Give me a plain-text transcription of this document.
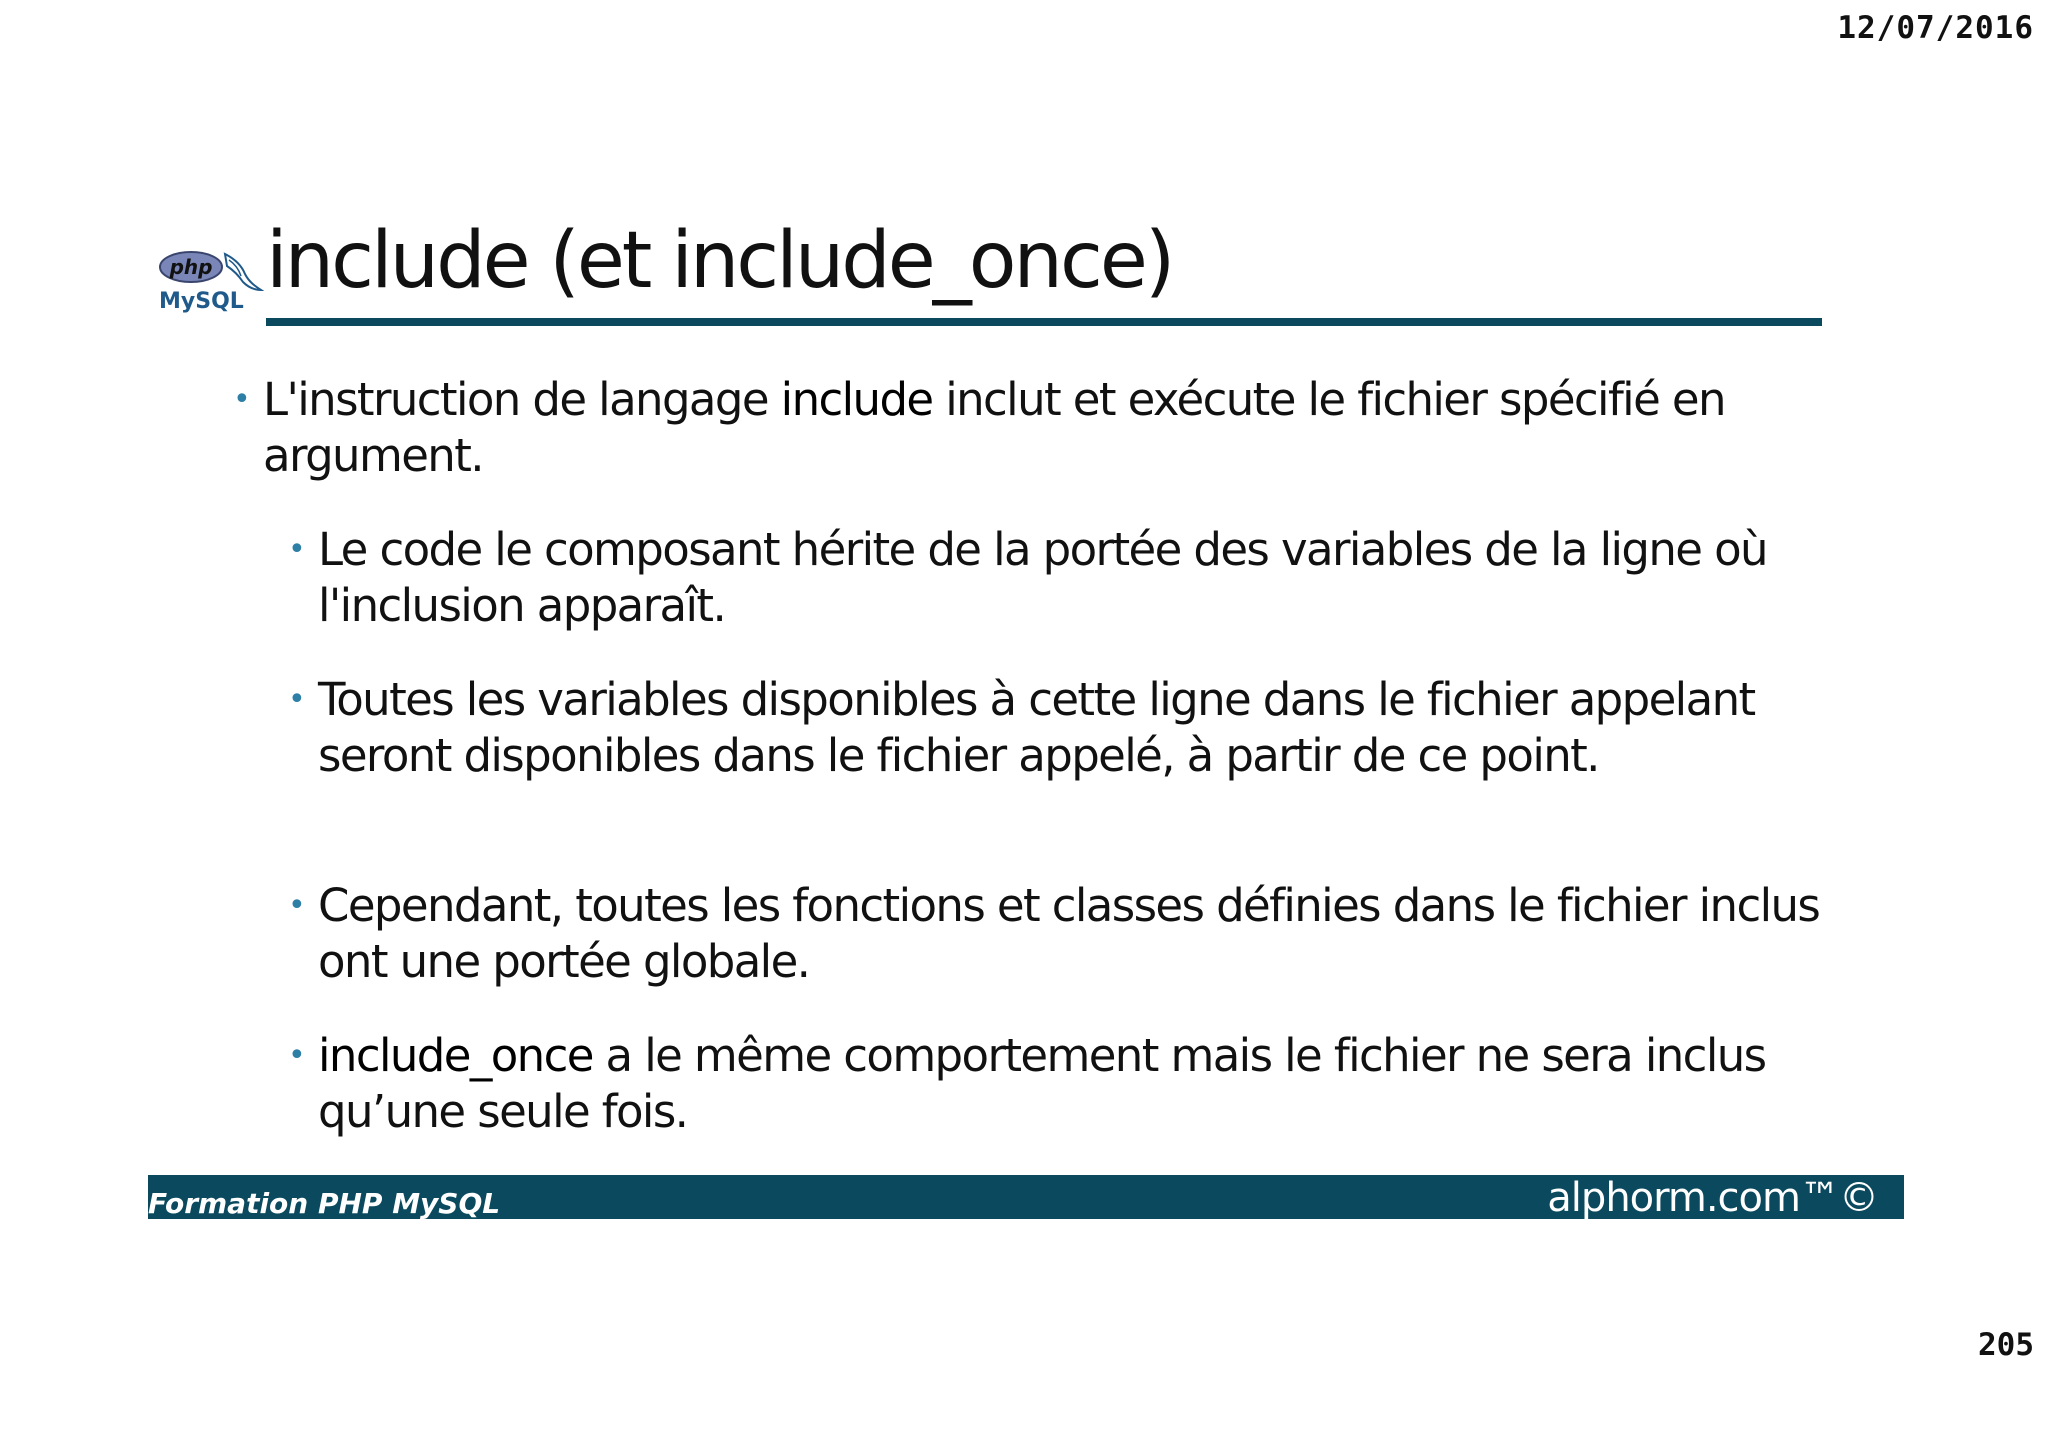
12/07/2016
php
MySQL include (et include_once)
• L'instruction de langage include inclut et exécute le fichier spécifié en argument.
• Le code le composant hérite de la portée des variables de la ligne où l'inclusion apparaît.
• Toutes les variables disponibles à cette ligne dans le fichier appelant seront disponibles dans le fichier appelé, à partir de ce point.
• Cependant, toutes les fonctions et classes définies dans le fichier inclus ont une portée globale.
• include_once a le même comportement mais le fichier ne sera inclus qu’une seule fois.
Formation PHP MySQL	alphorm.com™©
205
